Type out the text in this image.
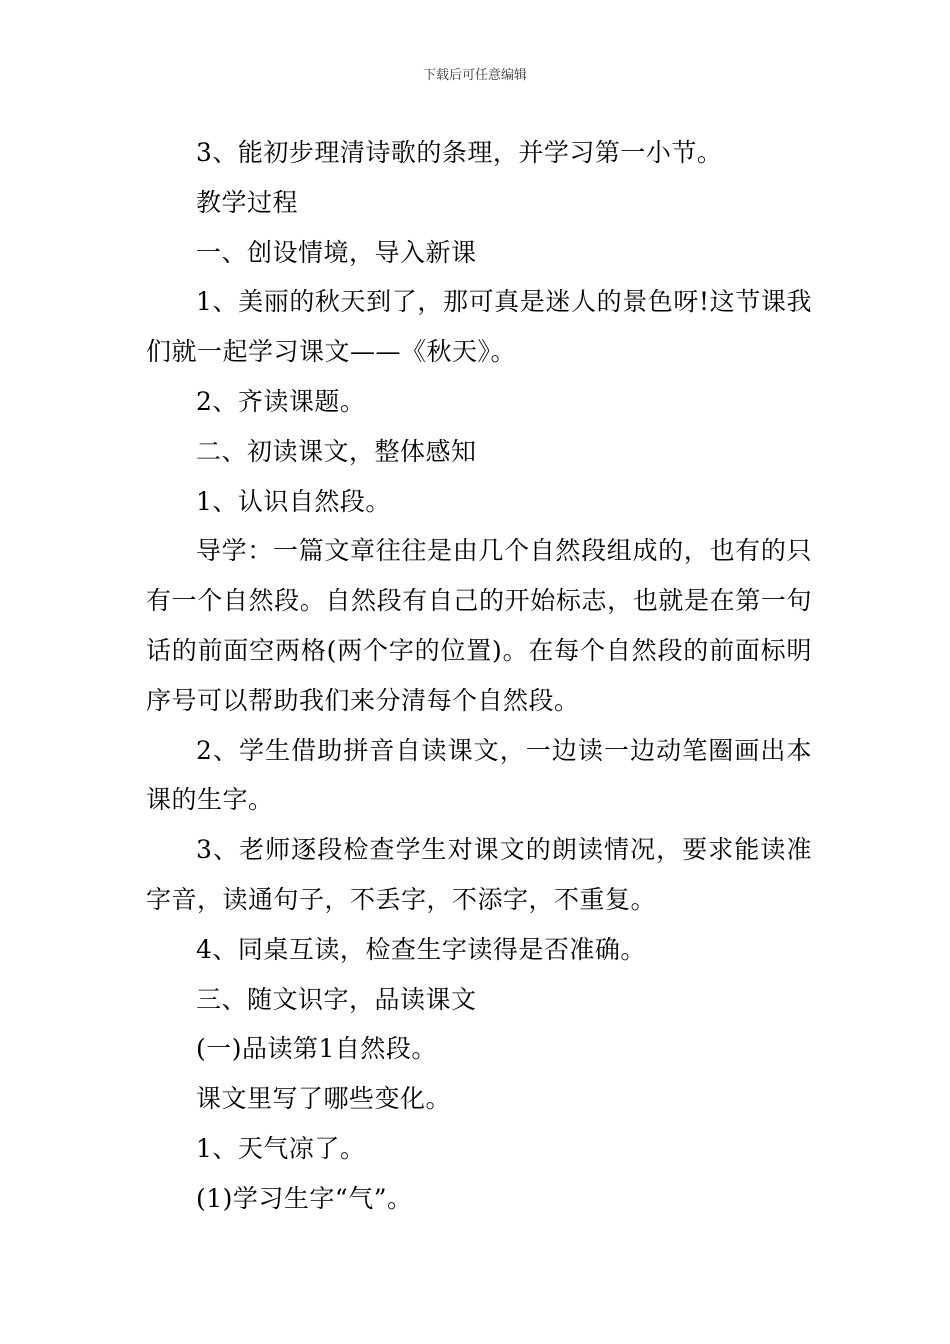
下载后可任意编辑

3、能初步理清诗歌的条理，并学习第一小节。

教学过程

一、创设情境，导入新课

1、美丽的秋天到了，那可真是迷人的景色呀!这节课我们就一起学习课文——《秋天》。

2、齐读课题。

二、初读课文，整体感知

1、认识自然段。

导学：一篇文章往往是由几个自然段组成的，也有的只有一个自然段。自然段有自己的开始标志，也就是在第一句话的前面空两格(两个字的位置)。在每个自然段的前面标明序号可以帮助我们来分清每个自然段。

2、学生借助拼音自读课文，一边读一边动笔圈画出本课的生字。

3、老师逐段检查学生对课文的朗读情况，要求能读准字音，读通句子，不丢字，不添字，不重复。

4、同桌互读，检查生字读得是否准确。

三、随文识字，品读课文

(一)品读第1自然段。

课文里写了哪些变化。

1、天气凉了。

(1)学习生字“气”。
